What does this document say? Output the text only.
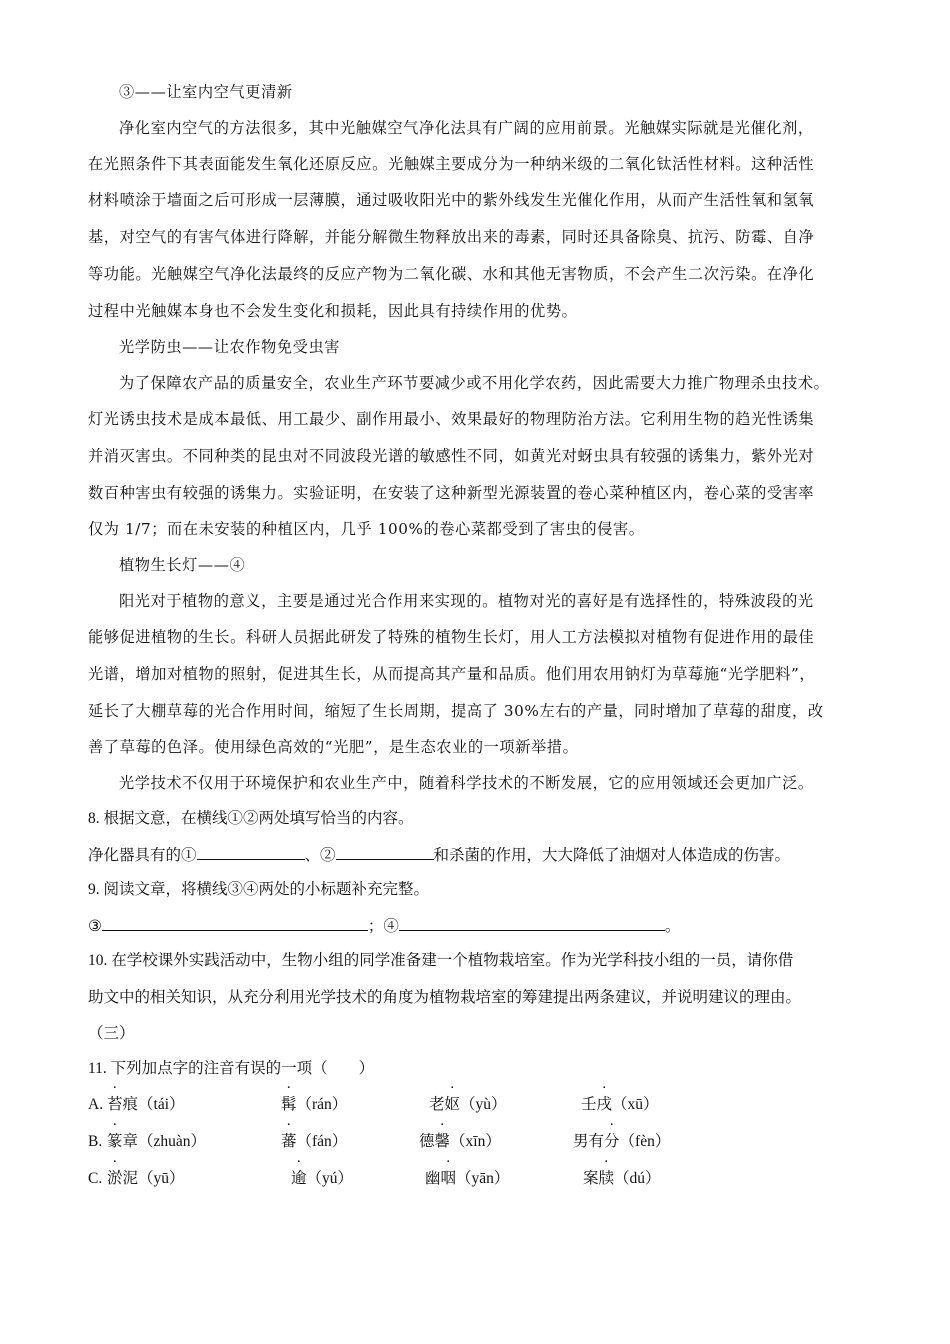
③——让室内空气更清新
净化室内空气的方法很多，其中光触媒空气净化法具有广阔的应用前景。光触媒实际就是光催化剂，
在光照条件下其表面能发生氧化还原反应。光触媒主要成分为一种纳米级的二氧化钛活性材料。这种活性
材料喷涂于墙面之后可形成一层薄膜，通过吸收阳光中的紫外线发生光催化作用，从而产生活性氧和氢氧
基，对空气的有害气体进行降解，并能分解微生物释放出来的毒素，同时还具备除臭、抗污、防霉、自净
等功能。光触媒空气净化法最终的反应产物为二氧化碳、水和其他无害物质，不会产生二次污染。在净化
过程中光触媒本身也不会发生变化和损耗，因此具有持续作用的优势。
光学防虫——让农作物免受虫害
为了保障农产品的质量安全，农业生产环节要减少或不用化学农药，因此需要大力推广物理杀虫技术。
灯光诱虫技术是成本最低、用工最少、副作用最小、效果最好的物理防治方法。它利用生物的趋光性诱集
并消灭害虫。不同种类的昆虫对不同波段光谱的敏感性不同，如黄光对蚜虫具有较强的诱集力，紫外光对
数百种害虫有较强的诱集力。实验证明，在安装了这种新型光源装置的卷心菜种植区内，卷心菜的受害率
仅为 1/7；而在未安装的种植区内，几乎 100%的卷心菜都受到了害虫的侵害。
植物生长灯——④
阳光对于植物的意义，主要是通过光合作用来实现的。植物对光的喜好是有选择性的，特殊波段的光
能够促进植物的生长。科研人员据此研发了特殊的植物生长灯，用人工方法模拟对植物有促进作用的最佳
光谱，增加对植物的照射，促进其生长，从而提高其产量和品质。他们用农用钠灯为草莓施“光学肥料”，
延长了大棚草莓的光合作用时间，缩短了生长周期，提高了 30%左右的产量，同时增加了草莓的甜度，改
善了草莓的色泽。使用绿色高效的“光肥”，是生态农业的一项新举措。
光学技术不仅用于环境保护和农业生产中，随着科学技术的不断发展，它的应用领域还会更加广泛。
8. 根据文意，在横线①②两处填写恰当的内容。
净化器具有的①	、②	和杀菌的作用，大大降低了油烟对人体造成的伤害。
9. 阅读文章，将横线③④两处的小标题补充完整。
③	；④	。
10. 在学校课外实践活动中，生物小组的同学准备建一个植物栽培室。作为光学科技小组的一员，请你借
助文中的相关知识，从充分利用光学技术的角度为植物栽培室的筹建提出两条建议，并说明建议的理由。
（三）
11. 下列加点字的注音有误的一项（　　）
A. 苔痕（tái）	髯（rán）	老妪（yù）	壬戌（xū）
B. 篆章（zhuàn）	蕃（fán）	德馨（xīn）	男有分（fèn）
C. 淤泥（yū）	逾（yú）	幽咽（yān）	案牍（dú）
